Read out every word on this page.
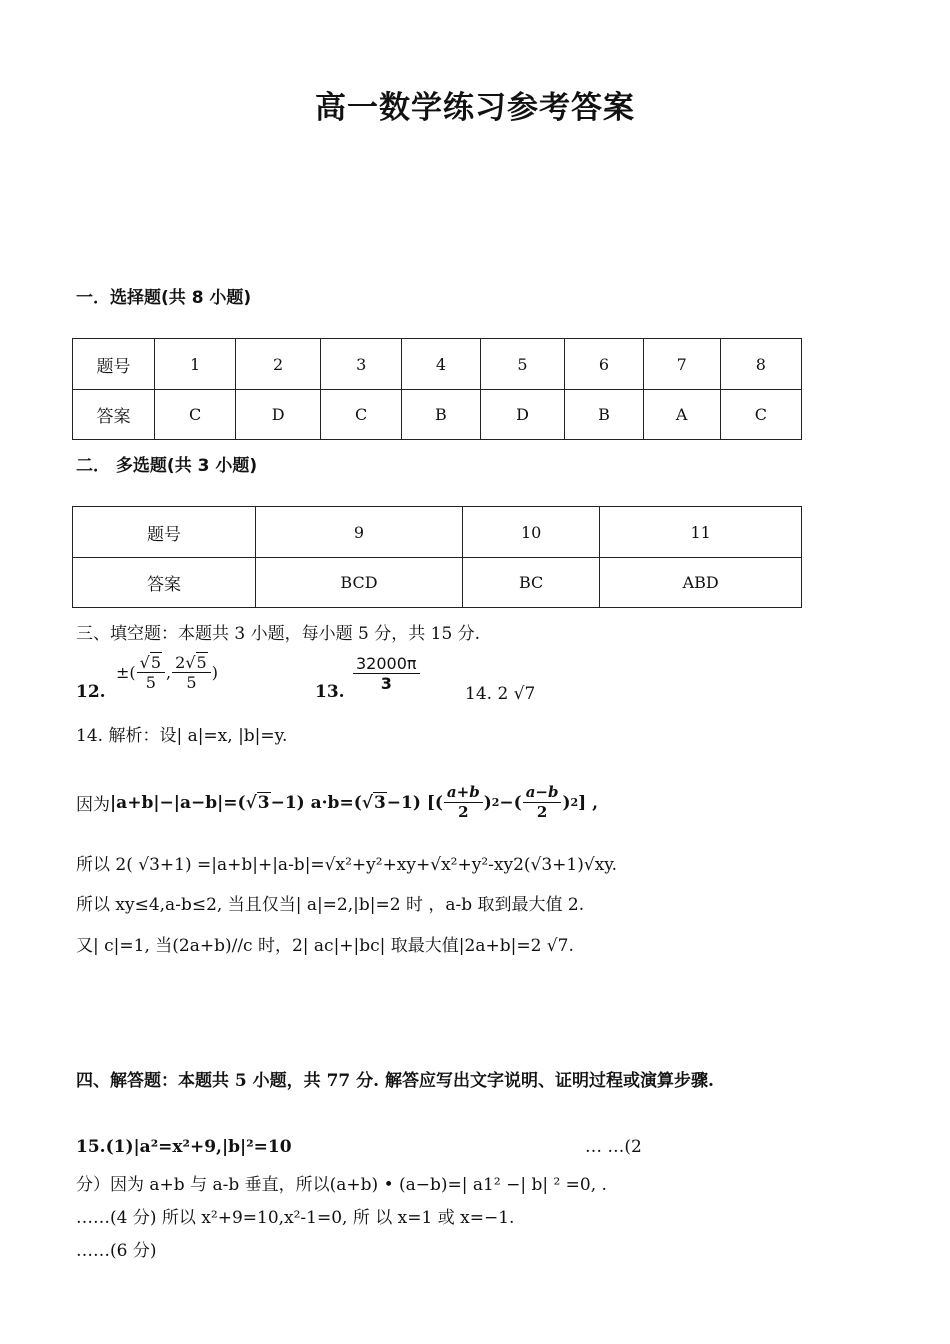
高一数学练习参考答案
一．选择题(共 8 小题)
题号	1	2	3	4	5	6	7	8
答案	C	D	C	B	D	B	A	C
二． 多选题(共 3 小题)
题号	9	10	11
答案	BCD	BC	ABD
三、填空题：本题共 3 小题，每小题 5 分，共 15 分.
12.
±( $\frac{√5}{5}$ , $\frac{2√5}{5}$ )
13. $\frac{32000\pi}{3}$
14. 2 √7
14. 解析：设| a|=x, |b|=y.
因为 |a+b|−|a−b|=( √3 −1) a·b=( √3 −1) [( $\frac{a+b}{2}$ ) 2 −( $\frac{a-b}{2}$ ) 2 ] ,
所以 2( √3+1) =|a+b|+|a-b|=√x²+y²+xy+√x²+y²-xy2(√3+1)√xy.
所以 xy≤4,a-b≤2, 当且仅当| a|=2,|b|=2 时 ，a-b 取到最大值 2.
又| c|=1, 当(2a+b)//c 时，2| ac|+|bc| 取最大值|2a+b|=2 √7.
四、解答题：本题共 5 小题，共 77 分. 解答应写出文字说明、证明过程或演算步骤.
15.(1)|a²=x²+9,|b|²=10	… …(2
分）因为 a+b 与 a-b 垂直，所以(a+b) • (a−b)=| a1² −| b| ² =0, .
……(4 分) 所以 x²+9=10,x²-1=0, 所 以 x=1 或 x=−1.
……(6 分)
